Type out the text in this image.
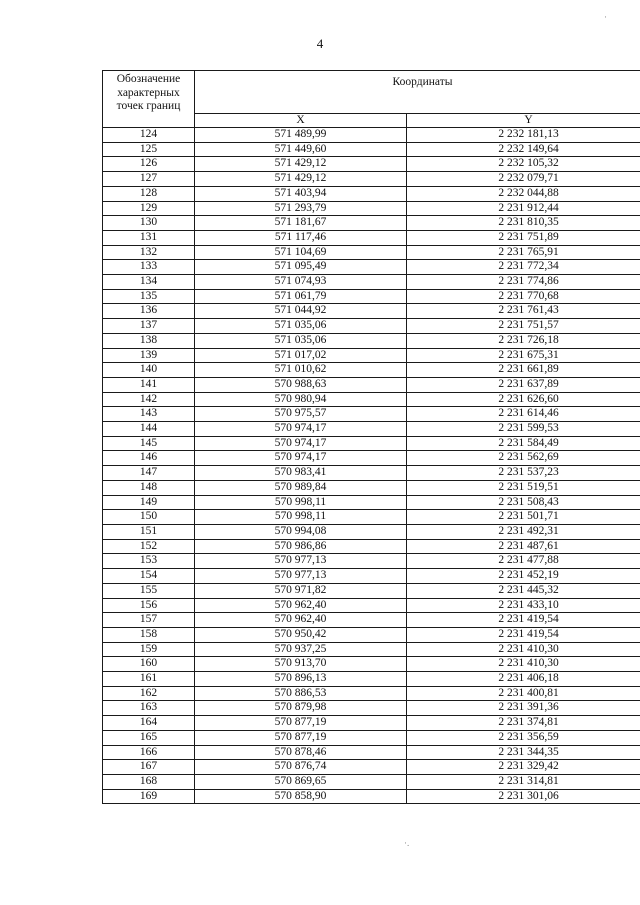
4
Обозначение характерных точек границ	Координаты	
	X	Y
124	571 489,99	2 232 181,13
125	571 449,60	2 232 149,64
126	571 429,12	2 232 105,32
127	571 429,12	2 232 079,71
128	571 403,94	2 232 044,88
129	571 293,79	2 231 912,44
130	571 181,67	2 231 810,35
131	571 117,46	2 231 751,89
132	571 104,69	2 231 765,91
133	571 095,49	2 231 772,34
134	571 074,93	2 231 774,86
135	571 061,79	2 231 770,68
136	571 044,92	2 231 761,43
137	571 035,06	2 231 751,57
138	571 035,06	2 231 726,18
139	571 017,02	2 231 675,31
140	571 010,62	2 231 661,89
141	570 988,63	2 231 637,89
142	570 980,94	2 231 626,60
143	570 975,57	2 231 614,46
144	570 974,17	2 231 599,53
145	570 974,17	2 231 584,49
146	570 974,17	2 231 562,69
147	570 983,41	2 231 537,23
148	570 989,84	2 231 519,51
149	570 998,11	2 231 508,43
150	570 998,11	2 231 501,71
151	570 994,08	2 231 492,31
152	570 986,86	2 231 487,61
153	570 977,13	2 231 477,88
154	570 977,13	2 231 452,19
155	570 971,82	2 231 445,32
156	570 962,40	2 231 433,10
157	570 962,40	2 231 419,54
158	570 950,42	2 231 419,54
159	570 937,25	2 231 410,30
160	570 913,70	2 231 410,30
161	570 896,13	2 231 406,18
162	570 886,53	2 231 400,81
163	570 879,98	2 231 391,36
164	570 877,19	2 231 374,81
165	570 877,19	2 231 356,59
166	570 878,46	2 231 344,35
167	570 876,74	2 231 329,42
168	570 869,65	2 231 314,81
169	570 858,90	2 231 301,06
·
·.
